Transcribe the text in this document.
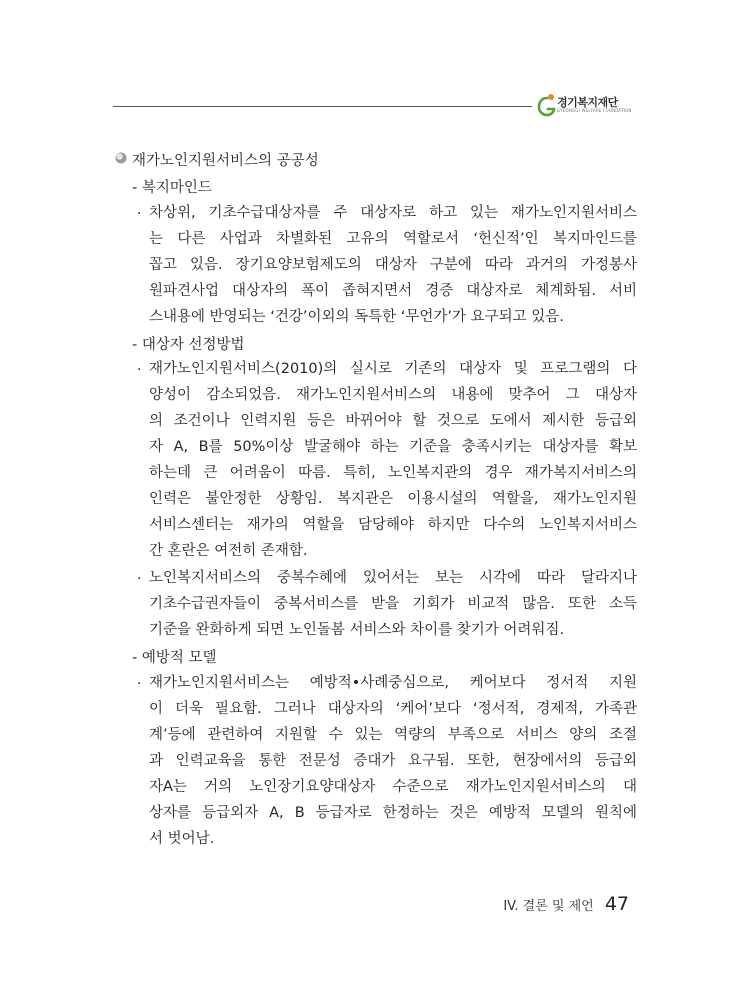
경기복지재단
GYEONGGI WELFARE FOUNDATION
재가노인지원서비스의 공공성
- 복지마인드
· 차상위, 기초수급대상자를 주 대상자로 하고 있는 재가노인지원서비스
는 다른 사업과 차별화된 고유의 역할로서 ‘헌신적’인 복지마인드를
꼽고 있음. 장기요양보험제도의 대상자 구분에 따라 과거의 가정봉사
원파견사업 대상자의 폭이 좁혀지면서 경증 대상자로 체계화됨. 서비
스내용에 반영되는 ‘건강’이외의 독특한 ‘무언가’가 요구되고 있음.
- 대상자 선정방법
· 재가노인지원서비스(2010)의 실시로 기존의 대상자 및 프로그램의 다
양성이 감소되었음. 재가노인지원서비스의 내용에 맞추어 그 대상자
의 조건이나 인력지원 등은 바뀌어야 할 것으로 도에서 제시한 등급외
자 A, B를 50%이상 발굴해야 하는 기준을 충족시키는 대상자를 확보
하는데 큰 어려움이 따름. 특히, 노인복지관의 경우 재가복지서비스의
인력은 불안정한 상황임. 복지관은 이용시설의 역할을, 재가노인지원
서비스센터는 재가의 역할을 담당해야 하지만 다수의 노인복지서비스
간 혼란은 여전히 존재함.
· 노인복지서비스의 중복수혜에 있어서는 보는 시각에 따라 달라지나
기초수급권자들이 중복서비스를 받을 기회가 비교적 많음. 또한 소득
기준을 완화하게 되면 노인돌봄 서비스와 차이를 찾기가 어려워짐.
- 예방적 모델
· 재가노인지원서비스는 예방적•사례중심으로, 케어보다 정서적 지원
이 더욱 필요함. 그러나 대상자의 ‘케어’보다 ‘정서적, 경제적, 가족관
계’등에 관련하여 지원할 수 있는 역량의 부족으로 서비스 양의 조절
과 인력교육을 통한 전문성 증대가 요구됨. 또한, 현장에서의 등급외
자A는 거의 노인장기요양대상자 수준으로 재가노인지원서비스의 대
상자를 등급외자 A, B 등급자로 한정하는 것은 예방적 모델의 원칙에
서 벗어남.
IV. 결론 및 제언 47
